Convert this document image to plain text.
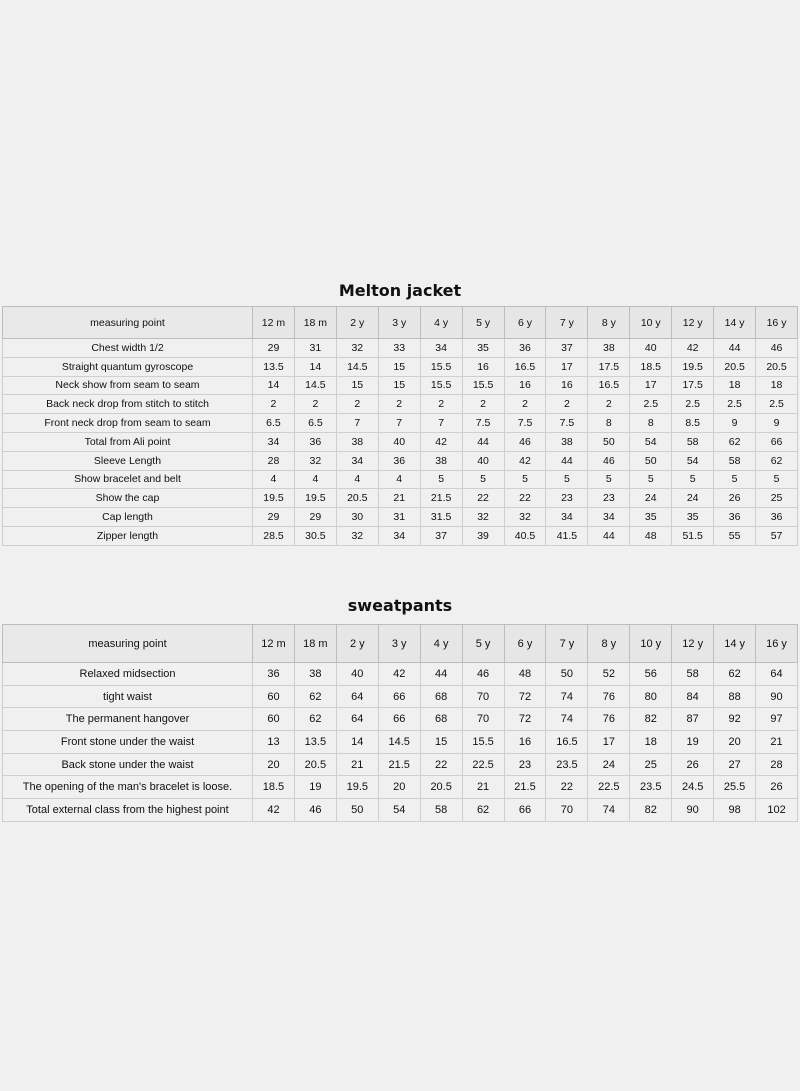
Melton jacket
measuring point	12 m	18 m	2 y	3 y	4 y	5 y	6 y	7 y	8 y	10 y	12 y	14 y	16 y
Chest width 1/2	29	31	32	33	34	35	36	37	38	40	42	44	46
Straight quantum gyroscope	13.5	14	14.5	15	15.5	16	16.5	17	17.5	18.5	19.5	20.5	20.5
Neck show from seam to seam	14	14.5	15	15	15.5	15.5	16	16	16.5	17	17.5	18	18
Back neck drop from stitch to stitch	2	2	2	2	2	2	2	2	2	2.5	2.5	2.5	2.5
Front neck drop from seam to seam	6.5	6.5	7	7	7	7.5	7.5	7.5	8	8	8.5	9	9
Total from Ali point	34	36	38	40	42	44	46	38	50	54	58	62	66
Sleeve Length	28	32	34	36	38	40	42	44	46	50	54	58	62
Show bracelet and belt	4	4	4	4	5	5	5	5	5	5	5	5	5
Show the cap	19.5	19.5	20.5	21	21.5	22	22	23	23	24	24	26	25
Cap length	29	29	30	31	31.5	32	32	34	34	35	35	36	36
Zipper length	28.5	30.5	32	34	37	39	40.5	41.5	44	48	51.5	55	57
sweatpants
measuring point	12 m	18 m	2 y	3 y	4 y	5 y	6 y	7 y	8 y	10 y	12 y	14 y	16 y
Relaxed midsection	36	38	40	42	44	46	48	50	52	56	58	62	64
tight waist	60	62	64	66	68	70	72	74	76	80	84	88	90
The permanent hangover	60	62	64	66	68	70	72	74	76	82	87	92	97
Front stone under the waist	13	13.5	14	14.5	15	15.5	16	16.5	17	18	19	20	21
Back stone under the waist	20	20.5	21	21.5	22	22.5	23	23.5	24	25	26	27	28
The opening of the man's bracelet is loose.	18.5	19	19.5	20	20.5	21	21.5	22	22.5	23.5	24.5	25.5	26
Total external class from the highest point	42	46	50	54	58	62	66	70	74	82	90	98	102
